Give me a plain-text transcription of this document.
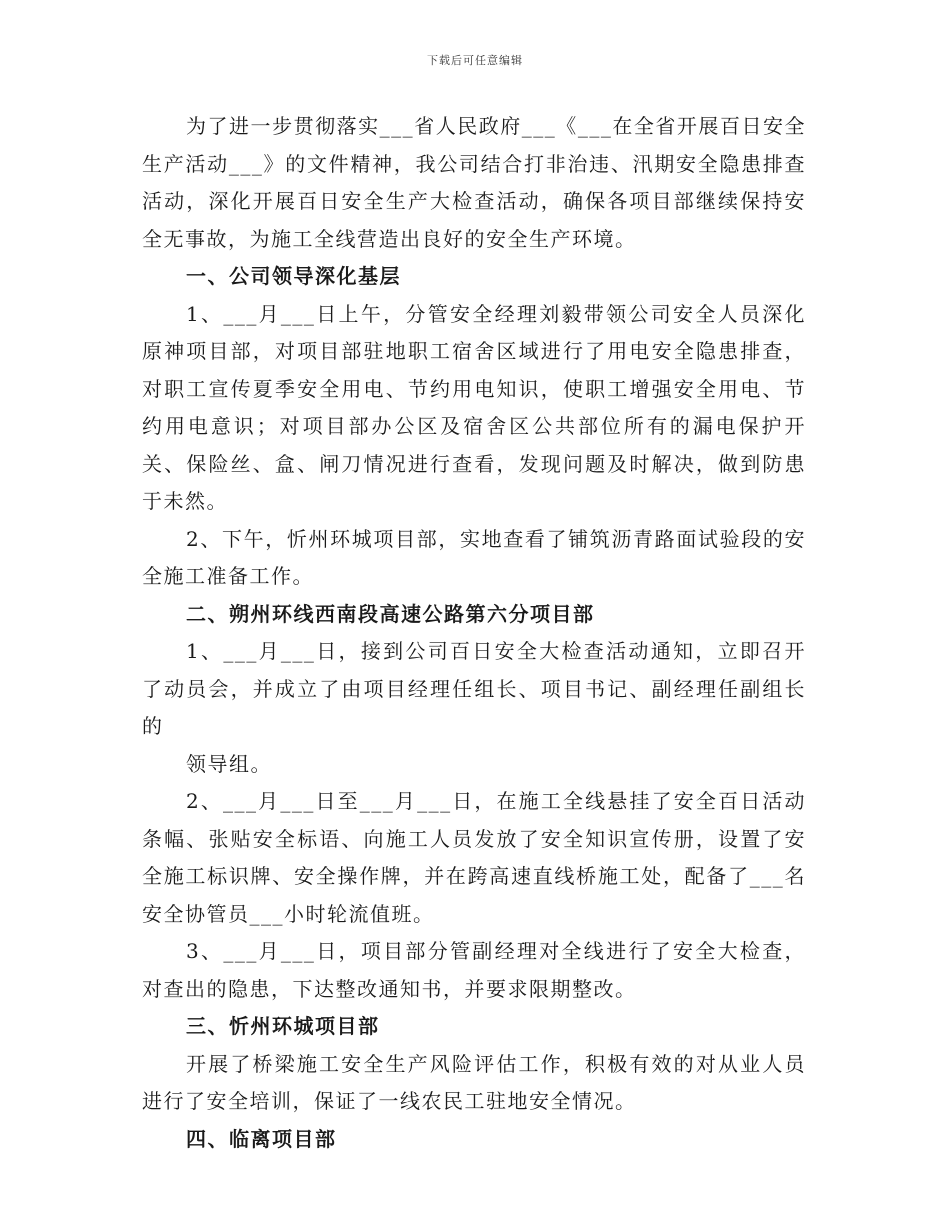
下载后可任意编辑

为了进一步贯彻落实___省人民政府___《___在全省开展百日安全生产活动___》的文件精神，我公司结合打非治违、汛期安全隐患排查活动，深化开展百日安全生产大检查活动，确保各项目部继续保持安全无事故，为施工全线营造出良好的安全生产环境。

一、公司领导深化基层

1、___月___日上午，分管安全经理刘毅带领公司安全人员深化原神项目部，对项目部驻地职工宿舍区域进行了用电安全隐患排查，对职工宣传夏季安全用电、节约用电知识，使职工增强安全用电、节约用电意识；对项目部办公区及宿舍区公共部位所有的漏电保护开关、保险丝、盒、闸刀情况进行查看，发现问题及时解决，做到防患于未然。

2、下午，忻州环城项目部，实地查看了铺筑沥青路面试验段的安全施工准备工作。

二、朔州环线西南段高速公路第六分项目部

1、___月___日，接到公司百日安全大检查活动通知，立即召开了动员会，并成立了由项目经理任组长、项目书记、副经理任副组长的

领导组。

2、___月___日至___月___日，在施工全线悬挂了安全百日活动条幅、张贴安全标语、向施工人员发放了安全知识宣传册，设置了安全施工标识牌、安全操作牌，并在跨高速直线桥施工处，配备了___名安全协管员___小时轮流值班。

3、___月___日，项目部分管副经理对全线进行了安全大检查，对查出的隐患，下达整改通知书，并要求限期整改。

三、忻州环城项目部

开展了桥梁施工安全生产风险评估工作，积极有效的对从业人员进行了安全培训，保证了一线农民工驻地安全情况。

四、临离项目部
